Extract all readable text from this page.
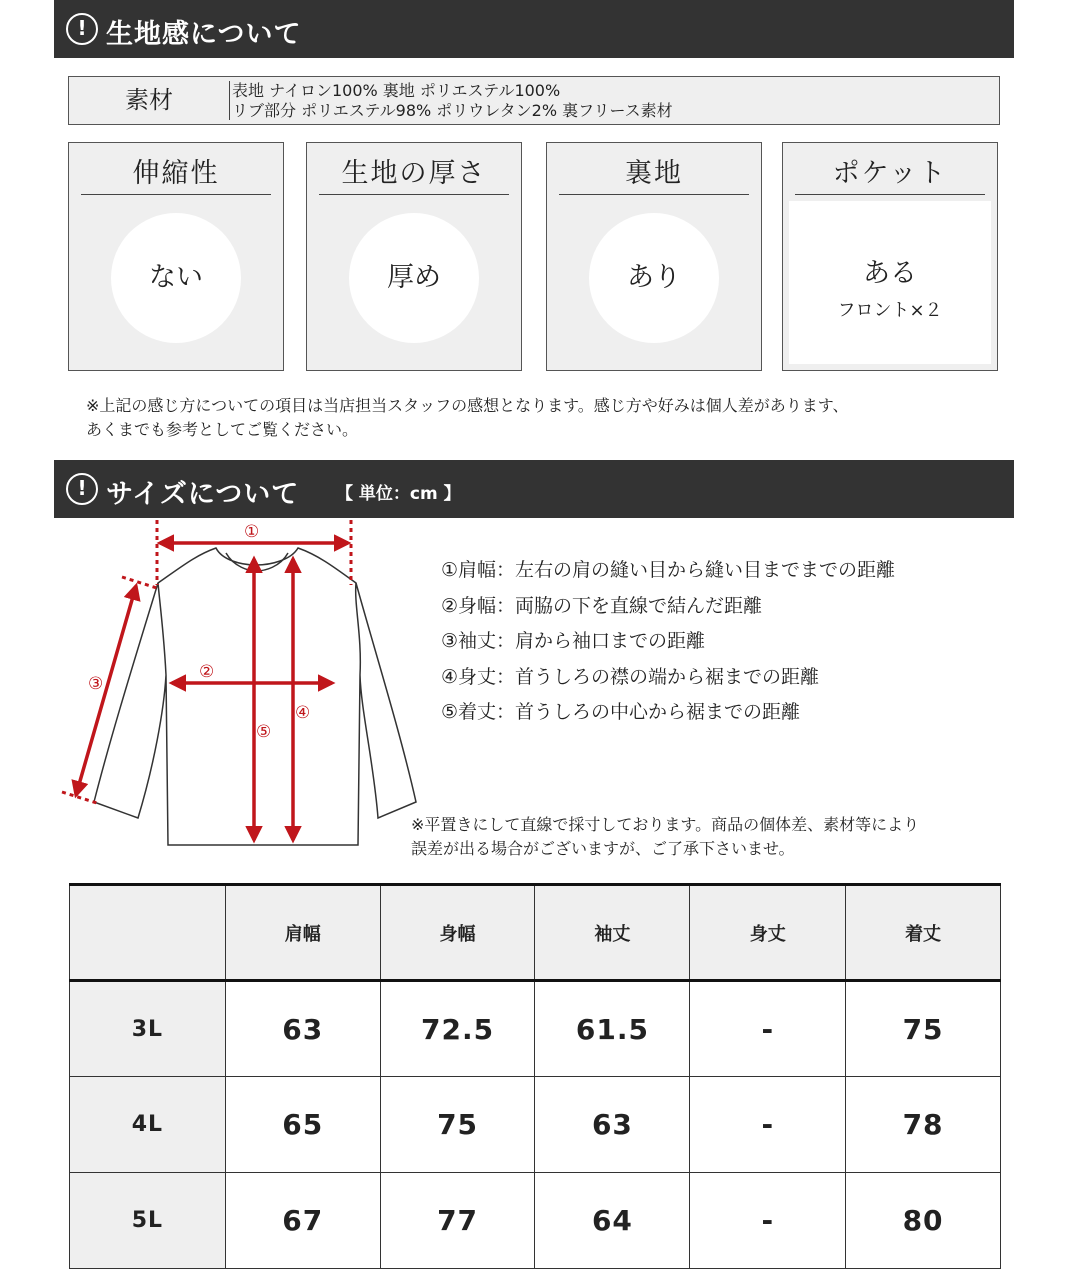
! 生地感について
素材	表地 ナイロン100% 裏地 ポリエステル100%
リブ部分 ポリエステル98% ポリウレタン2% 裏フリース素材
伸縮性
ない
生地の厚さ
厚め
裏地
あり
ポケット
ある
フロント×２
※上記の感じ方についての項目は当店担当スタッフの感想となります。感じ方や好みは個人差があります、
あくまでも参考としてご覧ください。
! サイズについて 【 単位：cm 】
①
②
③
④
⑤
①肩幅：左右の肩の縫い目から縫い目までまでの距離
②身幅：両脇の下を直線で結んだ距離
③袖丈：肩から袖口までの距離
④身丈：首うしろの襟の端から裾までの距離
⑤着丈：首うしろの中心から裾までの距離
※平置きにして直線で採寸しております。商品の個体差、素材等により
誤差が出る場合がございますが、ご了承下さいませ。
	肩幅	身幅	袖丈	身丈	着丈
3L	63	72.5	61.5	-	75
4L	65	75	63	-	78
5L	67	77	64	-	80
